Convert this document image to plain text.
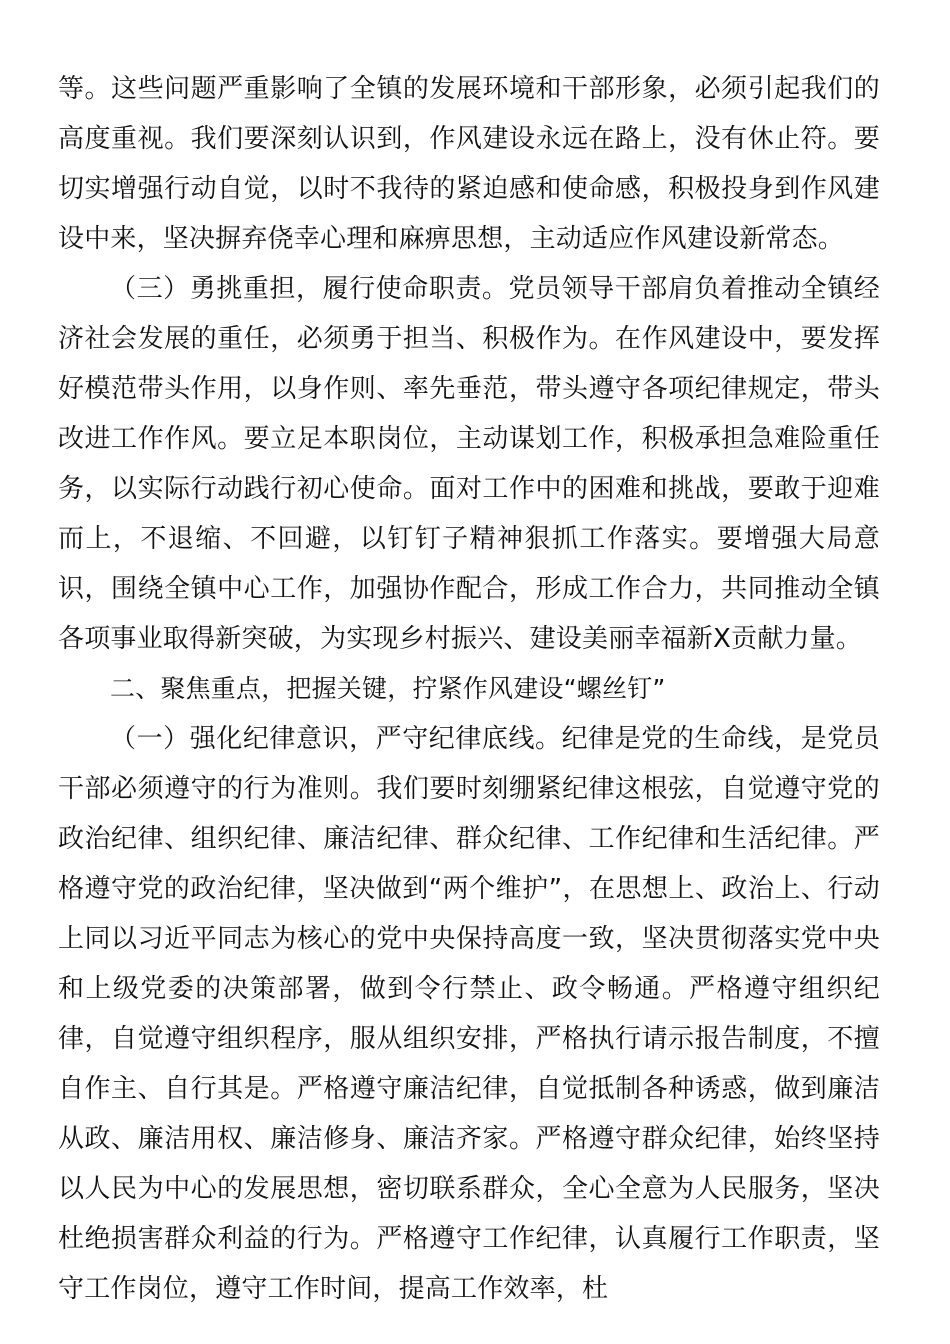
等。这些问题严重影响了全镇的发展环境和干部形象，必须引起我们的高度重视。我们要深刻认识到，作风建设永远在路上，没有休止符。要切实增强行动自觉，以时不我待的紧迫感和使命感，积极投身到作风建设中来，坚决摒弃侥幸心理和麻痹思想，主动适应作风建设新常态。

（三）勇挑重担，履行使命职责。党员领导干部肩负着推动全镇经济社会发展的重任，必须勇于担当、积极作为。在作风建设中，要发挥好模范带头作用，以身作则、率先垂范，带头遵守各项纪律规定，带头改进工作作风。要立足本职岗位，主动谋划工作，积极承担急难险重任务，以实际行动践行初心使命。面对工作中的困难和挑战，要敢于迎难而上，不退缩、不回避，以钉钉子精神狠抓工作落实。要增强大局意识，围绕全镇中心工作，加强协作配合，形成工作合力，共同推动全镇各项事业取得新突破，为实现乡村振兴、建设美丽幸福新X贡献力量。

二、聚焦重点，把握关键，拧紧作风建设“螺丝钉”

（一）强化纪律意识，严守纪律底线。纪律是党的生命线，是党员干部必须遵守的行为准则。我们要时刻绷紧纪律这根弦，自觉遵守党的政治纪律、组织纪律、廉洁纪律、群众纪律、工作纪律和生活纪律。严格遵守党的政治纪律，坚决做到“两个维护”，在思想上、政治上、行动上同以习近平同志为核心的党中央保持高度一致，坚决贯彻落实党中央和上级党委的决策部署，做到令行禁止、政令畅通。严格遵守组织纪律，自觉遵守组织程序，服从组织安排，严格执行请示报告制度，不擅自作主、自行其是。严格遵守廉洁纪律，自觉抵制各种诱惑，做到廉洁从政、廉洁用权、廉洁修身、廉洁齐家。严格遵守群众纪律，始终坚持以人民为中心的发展思想，密切联系群众，全心全意为人民服务，坚决杜绝损害群众利益的行为。严格遵守工作纪律，认真履行工作职责，坚守工作岗位，遵守工作时间，提高工作效率，杜
